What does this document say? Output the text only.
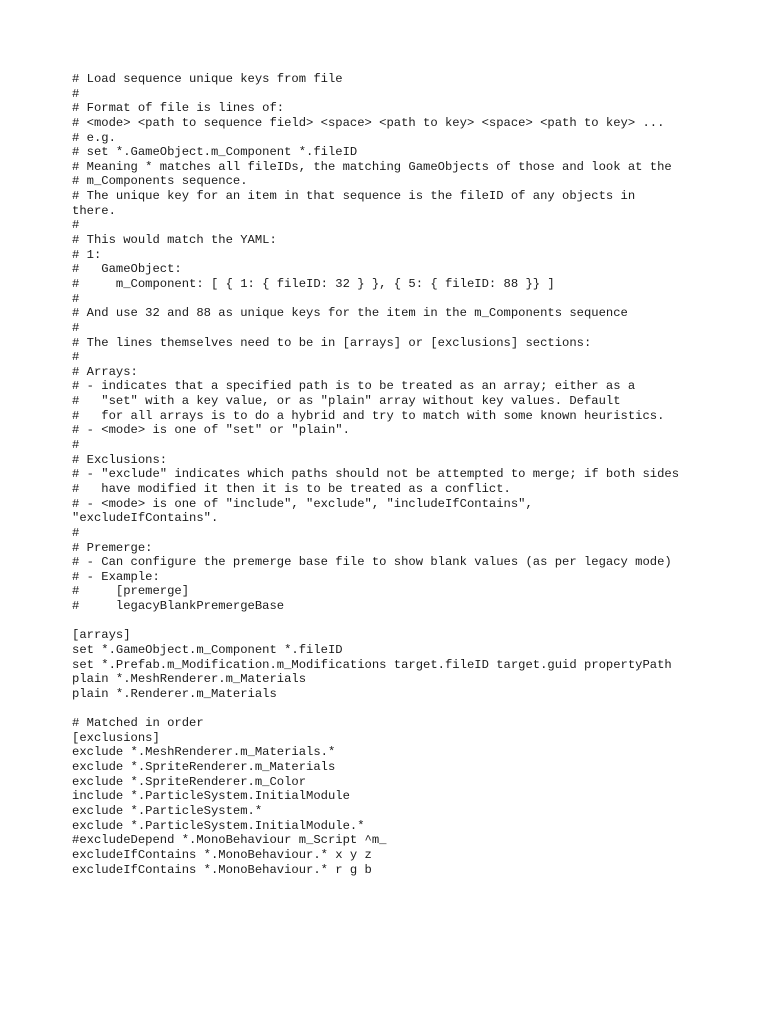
# Load sequence unique keys from file
#
# Format of file is lines of:
# <mode> <path to sequence field> <space> <path to key> <space> <path to key> ...
# e.g.
# set *.GameObject.m_Component *.fileID
# Meaning * matches all fileIDs, the matching GameObjects of those and look at the
# m_Components sequence.
# The unique key for an item in that sequence is the fileID of any objects in
there.
#
# This would match the YAML:
# 1:
#   GameObject:
#     m_Component: [ { 1: { fileID: 32 } }, { 5: { fileID: 88 }} ]
#
# And use 32 and 88 as unique keys for the item in the m_Components sequence
#
# The lines themselves need to be in [arrays] or [exclusions] sections:
#
# Arrays:
# - indicates that a specified path is to be treated as an array; either as a
#   "set" with a key value, or as "plain" array without key values. Default
#   for all arrays is to do a hybrid and try to match with some known heuristics.
# - <mode> is one of "set" or "plain".
#
# Exclusions:
# - "exclude" indicates which paths should not be attempted to merge; if both sides
#   have modified it then it is to be treated as a conflict.
# - <mode> is one of "include", "exclude", "includeIfContains",
"excludeIfContains".
#
# Premerge:
# - Can configure the premerge base file to show blank values (as per legacy mode)
# - Example:
#     [premerge]
#     legacyBlankPremergeBase

[arrays]
set *.GameObject.m_Component *.fileID
set *.Prefab.m_Modification.m_Modifications target.fileID target.guid propertyPath
plain *.MeshRenderer.m_Materials
plain *.Renderer.m_Materials

# Matched in order
[exclusions]
exclude *.MeshRenderer.m_Materials.*
exclude *.SpriteRenderer.m_Materials
exclude *.SpriteRenderer.m_Color
include *.ParticleSystem.InitialModule
exclude *.ParticleSystem.*
exclude *.ParticleSystem.InitialModule.*
#excludeDepend *.MonoBehaviour m_Script ^m_
excludeIfContains *.MonoBehaviour.* x y z
excludeIfContains *.MonoBehaviour.* r g b
